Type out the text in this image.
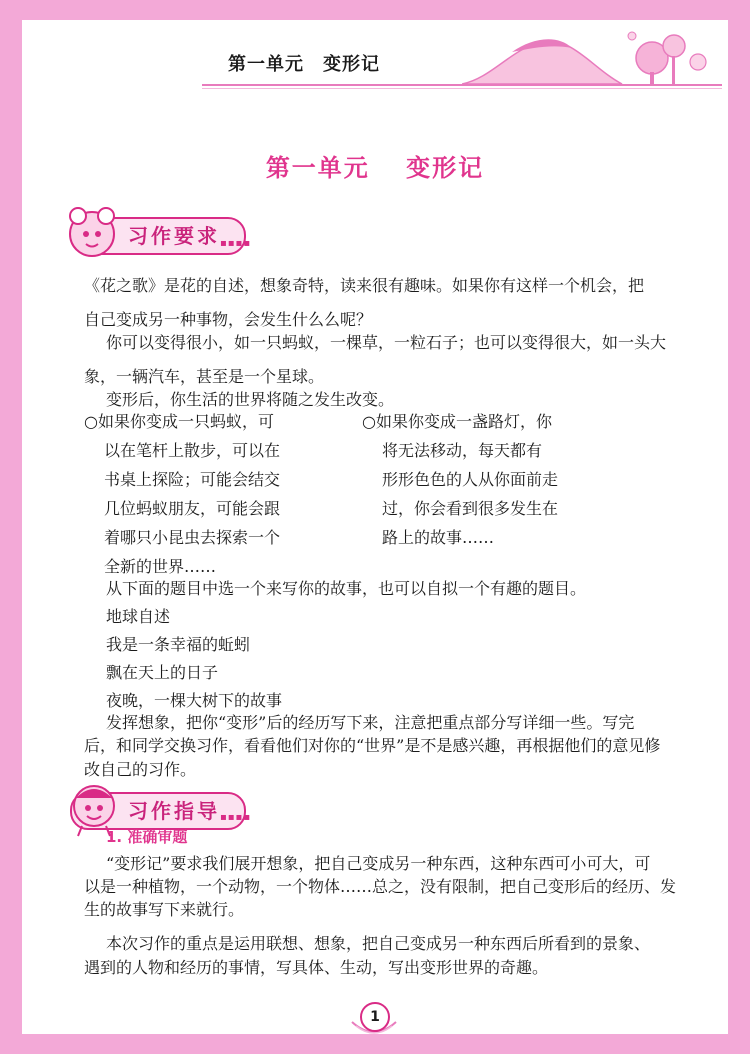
第一单元　变形记
第一单元　 变形记
习作要求 ▪▪▪▪
《花之歌》是花的自述，想象奇特，读来很有趣味。如果你有这样一个机会，把
自己变成另一种事物，会发生什么么呢？
你可以变得很小，如一只蚂蚁，一棵草，一粒石子；也可以变得很大，如一头大
象，一辆汽车，甚至是一个星球。
变形后，你生活的世界将随之发生改变。
○如果你变成一只蚂蚁，可
以在笔杆上散步，可以在
书桌上探险；可能会结交
几位蚂蚁朋友，可能会跟
着哪只小昆虫去探索一个
全新的世界……
○如果你变成一盏路灯，你
将无法移动，每天都有
形形色色的人从你面前走
过，你会看到很多发生在
路上的故事……
从下面的题目中选一个来写你的故事，也可以自拟一个有趣的题目。
地球自述
我是一条幸福的蚯蚓
飘在天上的日子
夜晚，一棵大树下的故事
发挥想象，把你“变形”后的经历写下来，注意把重点部分写详细一些。写完
后，和同学交换习作，看看他们对你的“世界”是不是感兴趣，再根据他们的意见修
改自己的习作。
习作指导 ▪▪▪▪
1. 准确审题
“变形记”要求我们展开想象，把自己变成另一种东西，这种东西可小可大，可
以是一种植物，一个动物，一个物体……总之，没有限制，把自己变形后的经历、发
生的故事写下来就行。
本次习作的重点是运用联想、想象，把自己变成另一种东西后所看到的景象、
遇到的人物和经历的事情，写具体、生动，写出变形世界的奇趣。
1
